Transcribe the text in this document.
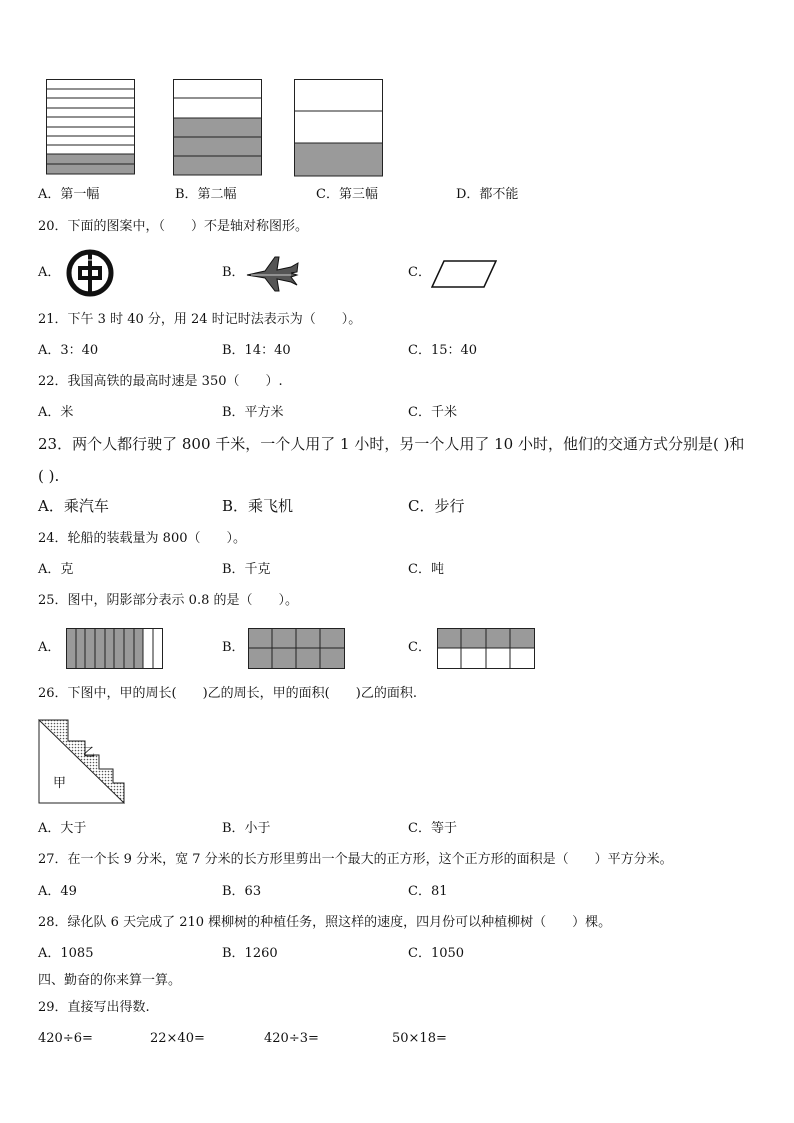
A．第一幅	B．第二幅	C．第三幅	D．都不能
20．下面的图案中，（　　）不是轴对称图形。
A．	B．	C．
21．下午 3 时 40 分，用 24 时记时法表示为（　　）。
A．3：40	B．14：40	C．15：40
22．我国高铁的最高时速是 350（　　）.
A．米	B．平方米	C．千米
23．两个人都行驶了 800 千米，一个人用了 1 小时，另一个人用了 10 小时，他们的交通方式分别是( )和
( ).
A．乘汽车	B．乘飞机	C．步行
24．轮船的装载量为 800（　　）。
A．克	B．千克	C．吨
25．图中，阴影部分表示 0.8 的是（　　）。
A．	B．	C．
26．下图中，甲的周长(　　)乙的周长，甲的面积(　　)乙的面积.
甲
乙
A．大于	B．小于	C．等于
27．在一个长 9 分米，宽 7 分米的长方形里剪出一个最大的正方形，这个正方形的面积是（　　）平方分米。
A．49	B．63	C．81
28．绿化队 6 天完成了 210 棵柳树的种植任务，照这样的速度，四月份可以种植柳树（　　）棵。
A．1085	B．1260	C．1050
四、勤奋的你来算一算。
29．直接写出得数.
420÷6=	22×40=	420÷3=	50×18=
